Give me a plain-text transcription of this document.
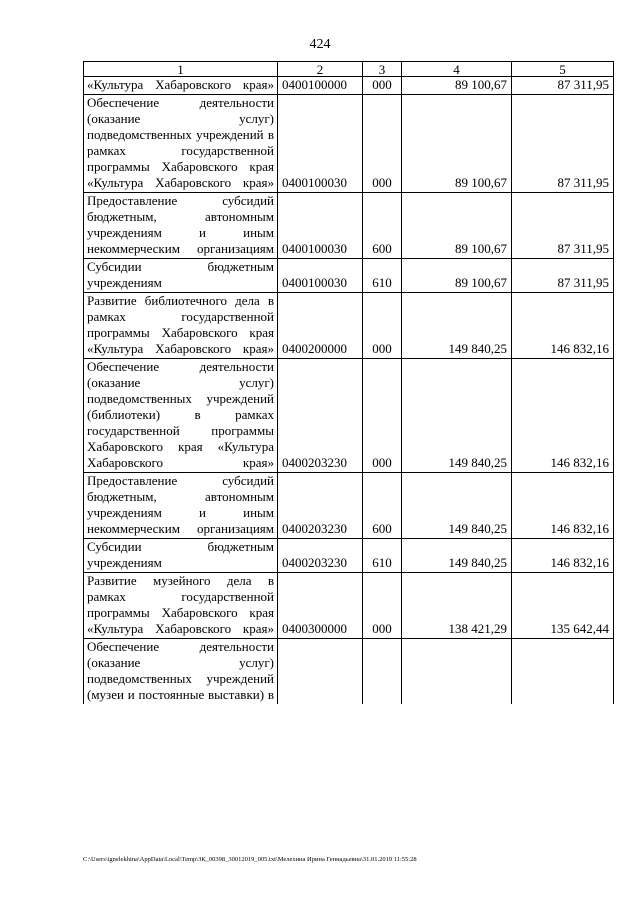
424
1	2	3	4	5
«Культура Хабаровского края»	0400100000	000	89 100,67	87 311,95
Обеспечение деятельности (оказание услуг) подведомственных учреждений в рамках государственной программы Хабаровского края «Культура Хабаровского края»	0400100030	000	89 100,67	87 311,95
Предоставление субсидий бюджетным, автономным учреждениям и иным некоммерческим организациям	0400100030	600	89 100,67	87 311,95
Субсидии бюджетным учреждениям	0400100030	610	89 100,67	87 311,95
Развитие библиотечного дела в рамках государственной программы Хабаровского края «Культура Хабаровского края»	0400200000	000	149 840,25	146 832,16
Обеспечение деятельности (оказание услуг) подведомственных учреждений (библиотеки) в рамках государственной программы Хабаровского края «Культура Хабаровского края»	0400203230	000	149 840,25	146 832,16
Предоставление субсидий бюджетным, автономным учреждениям и иным некоммерческим организациям	0400203230	600	149 840,25	146 832,16
Субсидии бюджетным учреждениям	0400203230	610	149 840,25	146 832,16
Развитие музейного дела в рамках государственной программы Хабаровского края «Культура Хабаровского края»	0400300000	000	138 421,29	135 642,44
Обеспечение деятельности (оказание услуг) подведомственных учреждений (музеи и постоянные выставки) в				
C:\Users\ignelekhina\AppData\Local\Temp\ЗК_00398_30012019_005.txt\Мелехина Ирина Геннадьевна\31.01.2019 11:55:28
